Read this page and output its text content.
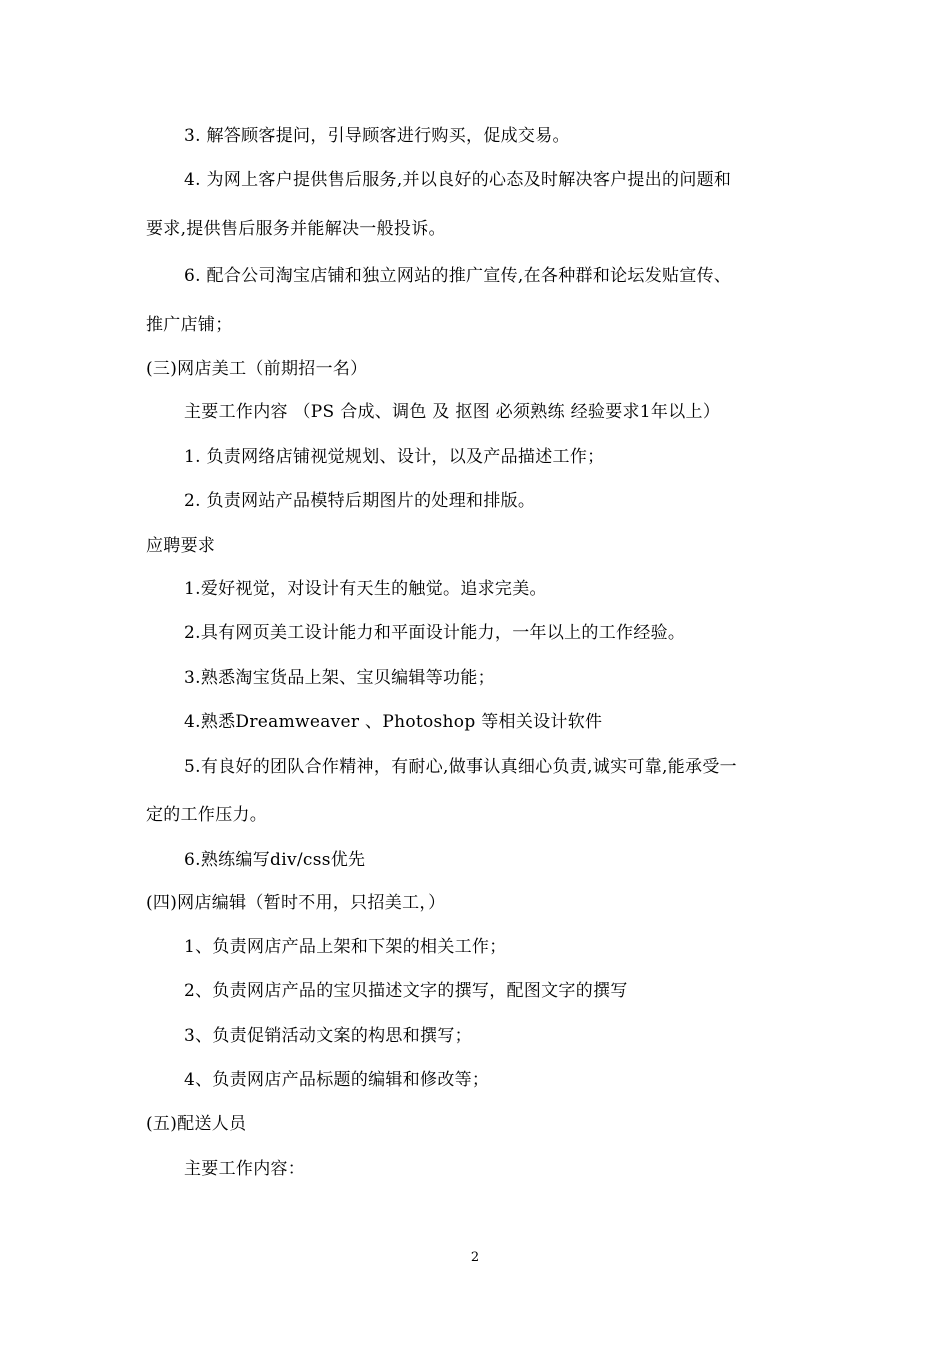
3. 解答顾客提问，引导顾客进行购买，促成交易。
4. 为网上客户提供售后服务,并以良好的心态及时解决客户提出的问题和
要求,提供售后服务并能解决一般投诉。
6. 配合公司淘宝店铺和独立网站的推广宣传,在各种群和论坛发贴宣传、
推广店铺；
(三)网店美工（前期招一名）
主要工作内容 （PS 合成、调色 及 抠图 必须熟练 经验要求1年以上）
1. 负责网络店铺视觉规划、设计，以及产品描述工作；
2. 负责网站产品模特后期图片的处理和排版。
应聘要求
1.爱好视觉，对设计有天生的触觉。追求完美。
2.具有网页美工设计能力和平面设计能力，一年以上的工作经验。
3.熟悉淘宝货品上架、宝贝编辑等功能；
4.熟悉Dreamweaver 、Photoshop 等相关设计软件
5.有良好的团队合作精神，有耐心,做事认真细心负责,诚实可靠,能承受一
定的工作压力。
6.熟练编写div/css优先
(四)网店编辑（暂时不用，只招美工，）
1、负责网店产品上架和下架的相关工作；
2、负责网店产品的宝贝描述文字的撰写，配图文字的撰写
3、负责促销活动文案的构思和撰写；
4、负责网店产品标题的编辑和修改等；
(五)配送人员
主要工作内容：
2
